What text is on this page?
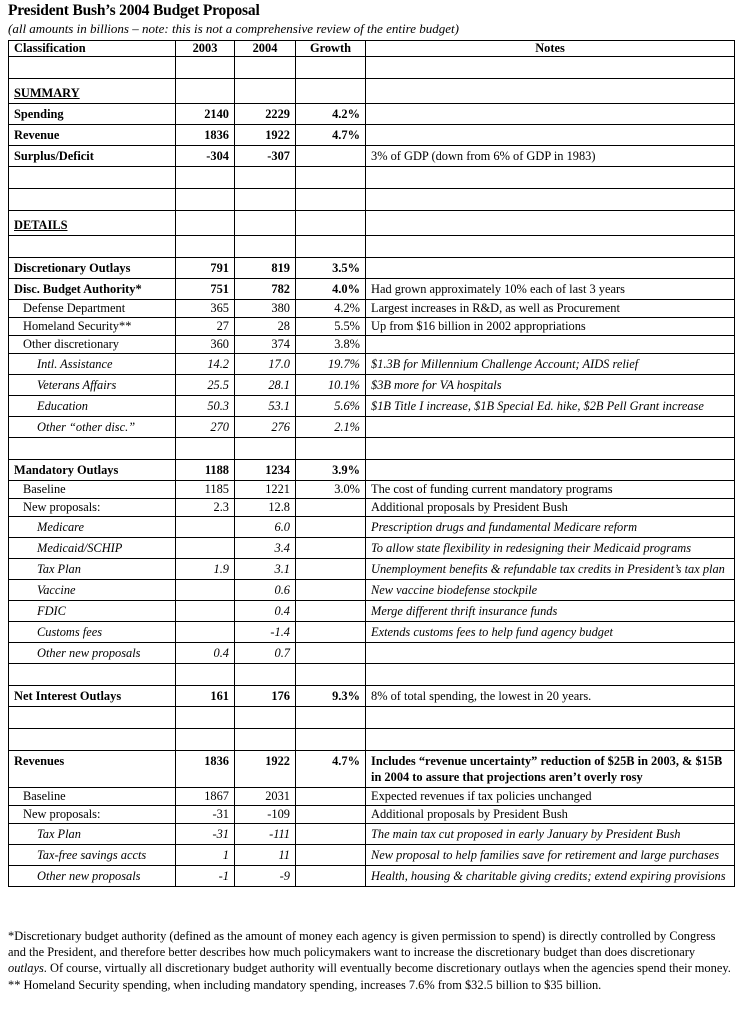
President Bush’s 2004 Budget Proposal
(all amounts in billions – note: this is not a comprehensive review of the entire budget)
Classification	2003	2004	Growth	Notes

SUMMARY				
Spending	2140	2229	4.2%	
Revenue	1836	1922	4.7%	
Surplus/Deficit	-304	-307		3% of GDP (down from 6% of GDP in 1983)

DETAILS				

Discretionary Outlays	791	819	3.5%	
Disc. Budget Authority*	751	782	4.0%	Had grown approximately 10% each of last 3 years
Defense Department	365	380	4.2%	Largest increases in R&D, as well as Procurement
Homeland Security**	27	28	5.5%	Up from $16 billion in 2002 appropriations
Other discretionary	360	374	3.8%	
Intl. Assistance	14.2	17.0	19.7%	$1.3B for Millennium Challenge Account; AIDS relief
Veterans Affairs	25.5	28.1	10.1%	$3B more for VA hospitals
Education	50.3	53.1	5.6%	$1B Title I increase, $1B Special Ed. hike, $2B Pell Grant increase
Other “other disc.”	270	276	2.1%	

Mandatory Outlays	1188	1234	3.9%	
Baseline	1185	1221	3.0%	The cost of funding current mandatory programs
New proposals:	2.3	12.8		Additional proposals by President Bush
Medicare		6.0		Prescription drugs and fundamental Medicare reform
Medicaid/SCHIP		3.4		To allow state flexibility in redesigning their Medicaid programs
Tax Plan	1.9	3.1		Unemployment benefits & refundable tax credits in President’s tax plan
Vaccine		0.6		New vaccine biodefense stockpile
FDIC		0.4		Merge different thrift insurance funds
Customs fees		-1.4		Extends customs fees to help fund agency budget
Other new proposals	0.4	0.7		

Net Interest Outlays	161	176	9.3%	8% of total spending, the lowest in 20 years.

Revenues	1836	1922	4.7%	Includes “revenue uncertainty” reduction of $25B in 2003, & $15B in 2004 to assure that projections aren’t overly rosy
Baseline	1867	2031		Expected revenues if tax policies unchanged
New proposals:	-31	-109		Additional proposals by President Bush
Tax Plan	-31	-111		The main tax cut proposed in early January by President Bush
Tax-free savings accts	1	11		New proposal to help families save for retirement and large purchases
Other new proposals	-1	-9		Health, housing & charitable giving credits; extend expiring provisions
*Discretionary budget authority (defined as the amount of money each agency is given permission to spend) is directly controlled by Congress and the President, and therefore better describes how much policymakers want to increase the discretionary budget than does discretionary outlays. Of course, virtually all discretionary budget authority will eventually become discretionary outlays when the agencies spend their money.
** Homeland Security spending, when including mandatory spending, increases 7.6% from $32.5 billion to $35 billion.
